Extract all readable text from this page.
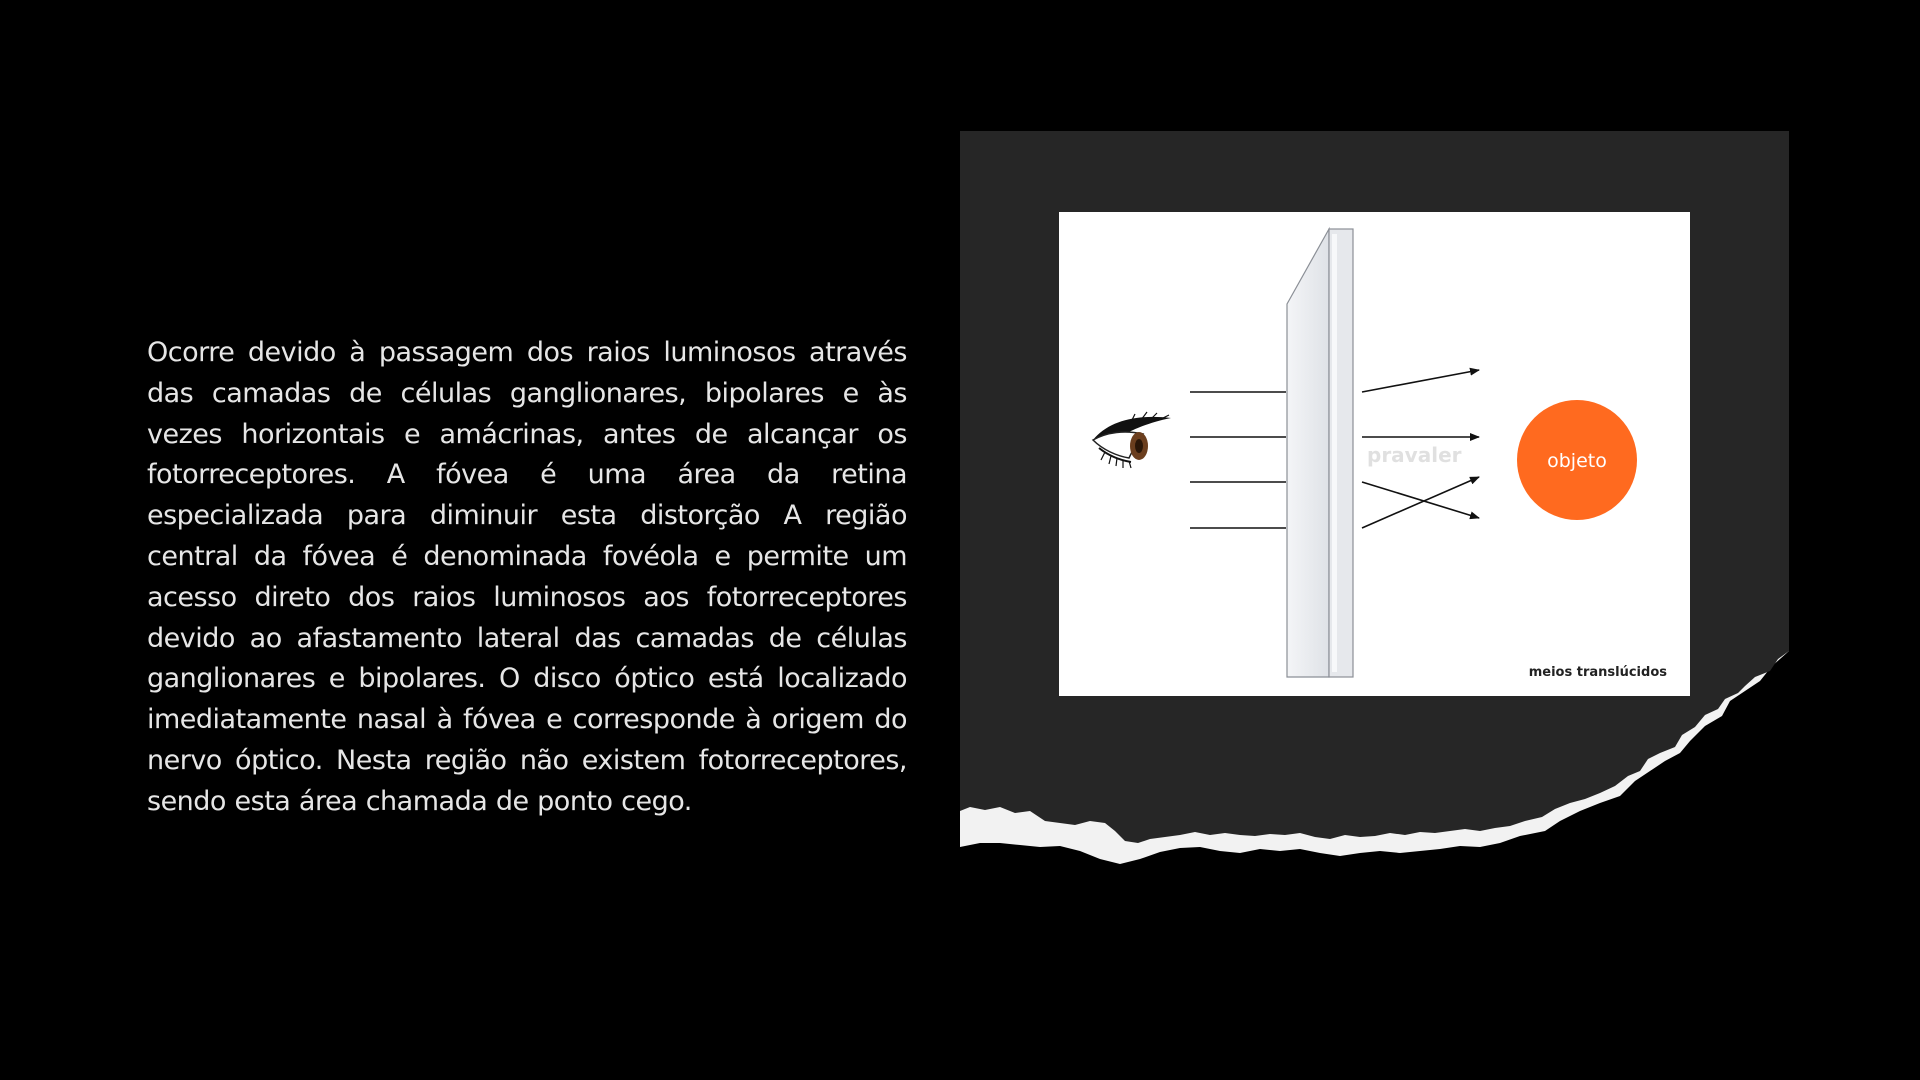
Ocorre devido à passagem dos raios luminosos através das camadas de células ganglionares, bipolares e às vezes horizontais e amácrinas, antes de alcançar os fotorreceptores. A fóvea é uma área da retina especializada para diminuir esta distorção A região central da fóvea é denominada fovéola e permite um acesso direto dos raios luminosos aos fotorreceptores devido ao afastamento lateral das camadas de células ganglionares e bipolares. O disco óptico está localizado imediatamente nasal à fóvea e corresponde à origem do nervo óptico. Nesta região não existem fotorreceptores, sendo esta área chamada de ponto cego.

pravaler	objeto
meios translúcidos
